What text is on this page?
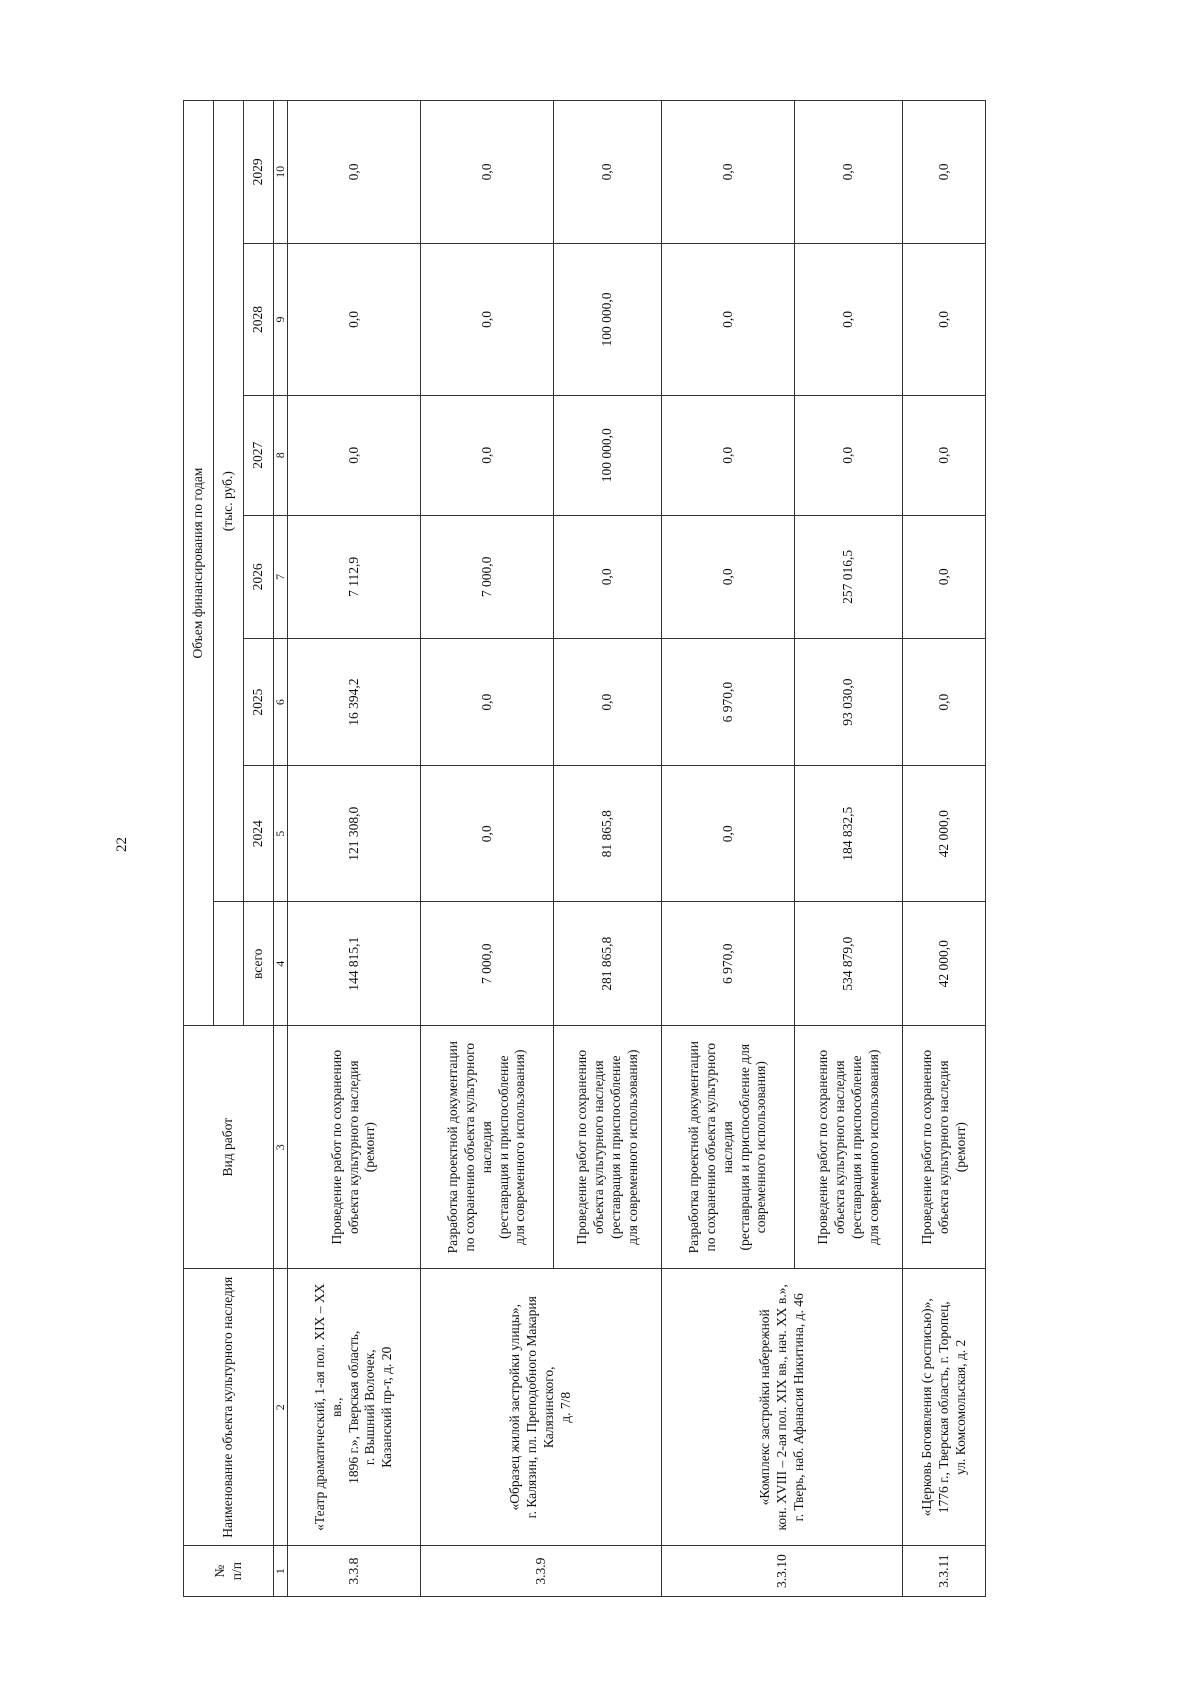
22
№
п/п	Наименование объекта культурного наследия	Вид работ	Объем финансирования по годам						
				(тыс. руб.)					
			всего	2024	2025	2026	2027	2028	2029
1	2	3	4	5	6	7	8	9	10
3.3.8	«Театр драматический, 1-ая пол. XIX – XX вв.,
1896 г.», Тверская область,
г. Вышний Волочек,
Казанский пр-т, д. 20	Проведение работ по сохранению
объекта культурного наследия
(ремонт)	144 815,1	121 308,0	16 394,2	7 112,9	0,0	0,0	0,0
3.3.9	«Образец жилой застройки улицы»,
г. Калязин, пл. Преподобного Макария Калязинского,
д. 7/8	Разработка проектной документации
по сохранению объекта культурного
наследия
(реставрация и приспособление
для современного использования)	7 000,0	0,0	0,0	7 000,0	0,0	0,0	0,0
		Проведение работ по сохранению
объекта культурного наследия
(реставрация и приспособление
для современного использования)	281 865,8	81 865,8	0,0	0,0	100 000,0	100 000,0	0,0
3.3.10	«Комплекс застройки набережной
кон. XVIII – 2-ая пол. XIX вв., нач. XX в.»,
г. Тверь, наб. Афанасия Никитина, д. 46	Разработка проектной документации
по сохранению объекта культурного
наследия
(реставрация и приспособление для
современного использования)	6 970,0	0,0	6 970,0	0,0	0,0	0,0	0,0
		Проведение работ по сохранению
объекта культурного наследия
(реставрация и приспособление
для современного использования)	534 879,0	184 832,5	93 030,0	257 016,5	0,0	0,0	0,0
3.3.11	«Церковь Богоявления (с росписью)»,
1776 г., Тверская область, г. Торопец,
ул. Комсомольская, д. 2	Проведение работ по сохранению
объекта культурного наследия
(ремонт)	42 000,0	42 000,0	0,0	0,0	0,0	0,0	0,0
